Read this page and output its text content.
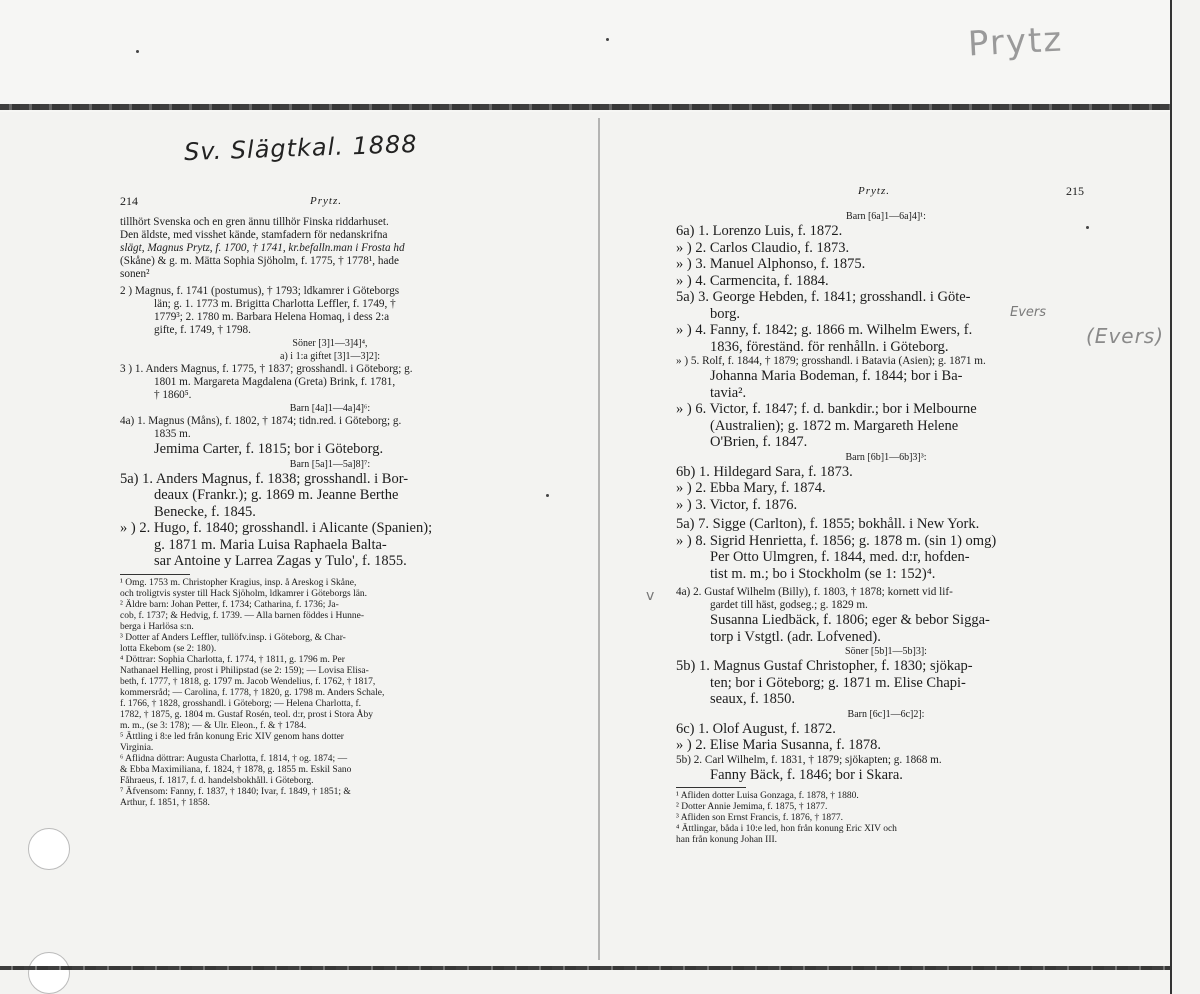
Prytz
Sv. Slägtkal. 1888
214	Prytz.

tillhört Svenska och en gren ännu tillhör Finska riddarhuset.

Den äldste, med visshet kände, stamfadern för nedanskrifna

slägt, Magnus Prytz, f. 1700, † 1741, kr.befalln.man i Frosta hd

(Skåne) & g. m. Mätta Sophia Sjöholm, f. 1775, † 1778¹, hade

sonen²

2 ) Magnus, f. 1741 (postumus), † 1793; ldkamrer i Göteborgs

län; g. 1. 1773 m. Brigitta Charlotta Leffler, f. 1749, †

1779³; 2. 1780 m. Barbara Helena Homaq, i dess 2:a

gifte, f. 1749, † 1798.

Söner [3]1—3]4]⁴,

a) i 1:a giftet [3]1—3]2]:

3 ) 1. Anders Magnus, f. 1775, † 1837; grosshandl. i Göteborg; g.

1801 m. Margareta Magdalena (Greta) Brink, f. 1781,

† 1860⁵.

Barn [4a]1—4a]4]⁶:

4a) 1. Magnus (Måns), f. 1802, † 1874; tidn.red. i Göteborg; g.

1835 m.

Jemima Carter, f. 1815; bor i Göteborg.

Barn [5a]1—5a]8]⁷:

5a) 1. Anders Magnus, f. 1838; grosshandl. i Bor-

deaux (Frankr.); g. 1869 m. Jeanne Berthe

Benecke, f. 1845.

» ) 2. Hugo, f. 1840; grosshandl. i Alicante (Spanien);

g. 1871 m. Maria Luisa Raphaela Balta-

sar Antoine y Larrea Zagas y Tulo', f. 1855.

¹ Omg. 1753 m. Christopher Kragius, insp. å Areskog i Skåne,

och troligtvis syster till Hack Sjöholm, ldkamrer i Göteborgs län.

² Äldre barn: Johan Petter, f. 1734; Catharina, f. 1736; Ja-

cob, f. 1737; & Hedvig, f. 1739. — Alla barnen föddes i Hunne-

berga i Harlösa s:n.

³ Dotter af Anders Leffler, tullöfv.insp. i Göteborg, & Char-

lotta Ekebom (se 2: 180).

⁴ Döttrar: Sophia Charlotta, f. 1774, † 1811, g. 1796 m. Per

Nathanael Helling, prost i Philipstad (se 2: 159); — Lovisa Elisa-

beth, f. 1777, † 1818, g. 1797 m. Jacob Wendelius, f. 1762, † 1817,

kommersråd; — Carolina, f. 1778, † 1820, g. 1798 m. Anders Schale,

f. 1766, † 1828, grosshandl. i Göteborg; — Helena Charlotta, f.

1782, † 1875, g. 1804 m. Gustaf Rosén, teol. d:r, prost i Stora Åby

m. m., (se 3: 178); — & Ulr. Eleon., f. & † 1784.

⁵ Ättling i 8:e led från konung Eric XIV genom hans dotter

Virginia.

⁶ Aflidna döttrar: Augusta Charlotta, f. 1814, † og. 1874; —

& Ebba Maximiliana, f. 1824, † 1878, g. 1855 m. Eskil Sano

Fåhraeus, f. 1817, f. d. handelsbokhåll. i Göteborg.

⁷ Äfvensom: Fanny, f. 1837, † 1840; Ivar, f. 1849, † 1851; &

Arthur, f. 1851, † 1858.

Prytz.	215

Barn [6a]1—6a]4]¹:

6a) 1. Lorenzo Luis, f. 1872.

» ) 2. Carlos Claudio, f. 1873.

» ) 3. Manuel Alphonso, f. 1875.

» ) 4. Carmencita, f. 1884.

5a) 3. George Hebden, f. 1841; grosshandl. i Göte-

borg.

» ) 4. Fanny, f. 1842; g. 1866 m. Wilhelm Ewers, f.

1836, föreständ. för renhålln. i Göteborg.

» ) 5. Rolf, f. 1844, † 1879; grosshandl. i Batavia (Asien); g. 1871 m.

Johanna Maria Bodeman, f. 1844; bor i Ba-

tavia².

» ) 6. Victor, f. 1847; f. d. bankdir.; bor i Melbourne

(Australien); g. 1872 m. Margareth Helene

O'Brien, f. 1847.

Barn [6b]1—6b]3]³:

6b) 1. Hildegard Sara, f. 1873.

» ) 2. Ebba Mary, f. 1874.

» ) 3. Victor, f. 1876.

5a) 7. Sigge (Carlton), f. 1855; bokhåll. i New York.

» ) 8. Sigrid Henrietta, f. 1856; g. 1878 m. (sin 1) omg)

Per Otto Ulmgren, f. 1844, med. d:r, hofden-

tist m. m.; bo i Stockholm (se 1: 152)⁴.

4a) 2. Gustaf Wilhelm (Billy), f. 1803, † 1878; kornett vid lif-

gardet till häst, godseg.; g. 1829 m.

Susanna Liedbäck, f. 1806; eger & bebor Sigga-

torp i Vstgtl. (adr. Lofvened).

Söner [5b]1—5b]3]:

5b) 1. Magnus Gustaf Christopher, f. 1830; sjökap-

ten; bor i Göteborg; g. 1871 m. Elise Chapi-

seaux, f. 1850.

Barn [6c]1—6c]2]:

6c) 1. Olof August, f. 1872.

» ) 2. Elise Maria Susanna, f. 1878.

5b) 2. Carl Wilhelm, f. 1831, † 1879; sjökapten; g. 1868 m.

Fanny Bäck, f. 1846; bor i Skara.

¹ Afliden dotter Luisa Gonzaga, f. 1878, † 1880.

² Dotter Annie Jemima, f. 1875, † 1877.

³ Afliden son Ernst Francis, f. 1876, † 1877.

⁴ Ättlingar, båda i 10:e led, hon från konung Eric XIV och

han från konung Johan III.

Evers
(Evers)
v
